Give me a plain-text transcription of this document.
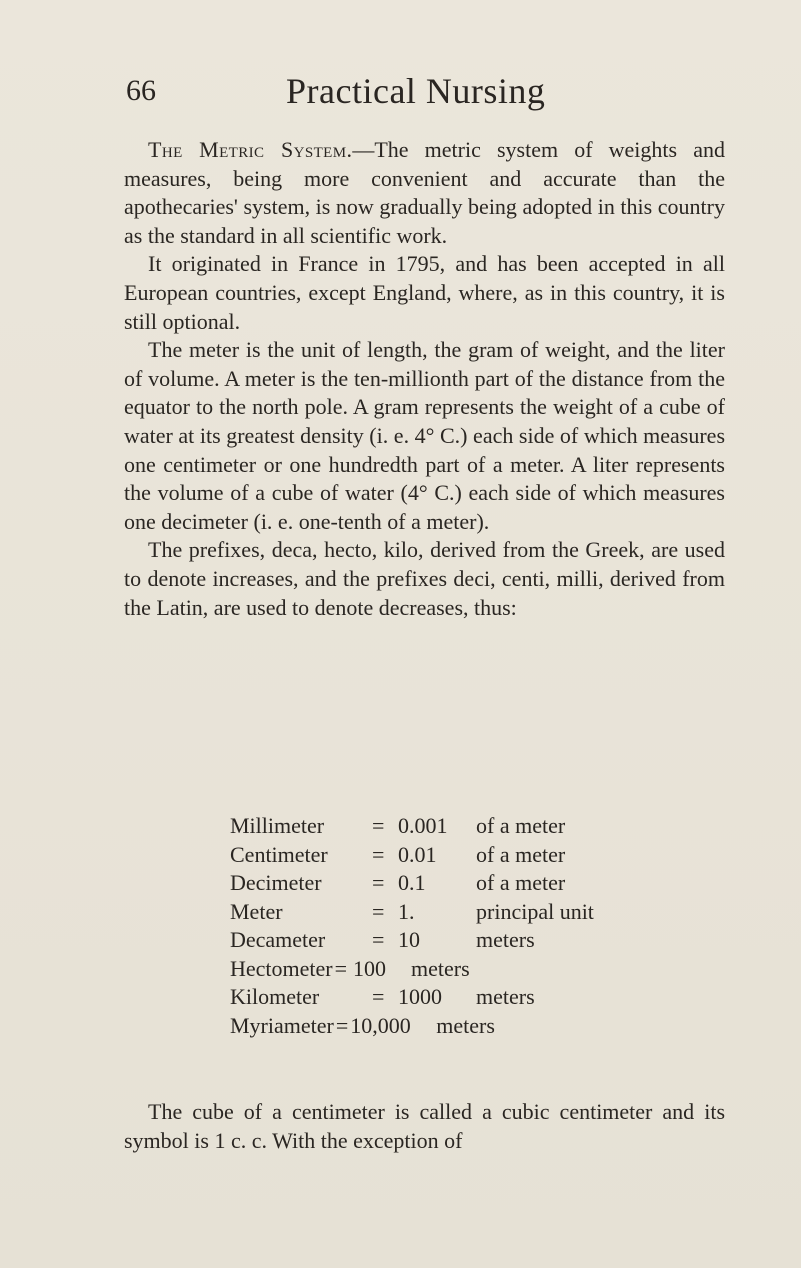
66	Practical Nursing

The Metric System.—The metric system of weights and measures, being more convenient and accurate than the apothecaries' system, is now gradually being adopted in this country as the standard in all scientific work.

It originated in France in 1795, and has been accepted in all European countries, except England, where, as in this country, it is still optional.

The meter is the unit of length, the gram of weight, and the liter of volume. A meter is the ten-millionth part of the distance from the equator to the north pole. A gram represents the weight of a cube of water at its greatest density (i. e. 4° C.) each side of which measures one centimeter or one hundredth part of a meter. A liter represents the volume of a cube of water (4° C.) each side of which measures one decimeter (i. e. one-tenth of a meter).

The prefixes, deca, hecto, kilo, derived from the Greek, are used to denote increases, and the prefixes deci, centi, milli, derived from the Latin, are used to denote decreases, thus:

Millimeter	= 0.001	of a meter
Centimeter	= 0.01	of a meter
Decimeter	= 0.1	of a meter
Meter	= 1.	principal unit
Decameter	= 10	meters
Hectometer = 100	meters
Kilometer	= 1000	meters
Myriameter = 10,000	meters

The cube of a centimeter is called a cubic centimeter and its symbol is 1 c. c. With the exception of
